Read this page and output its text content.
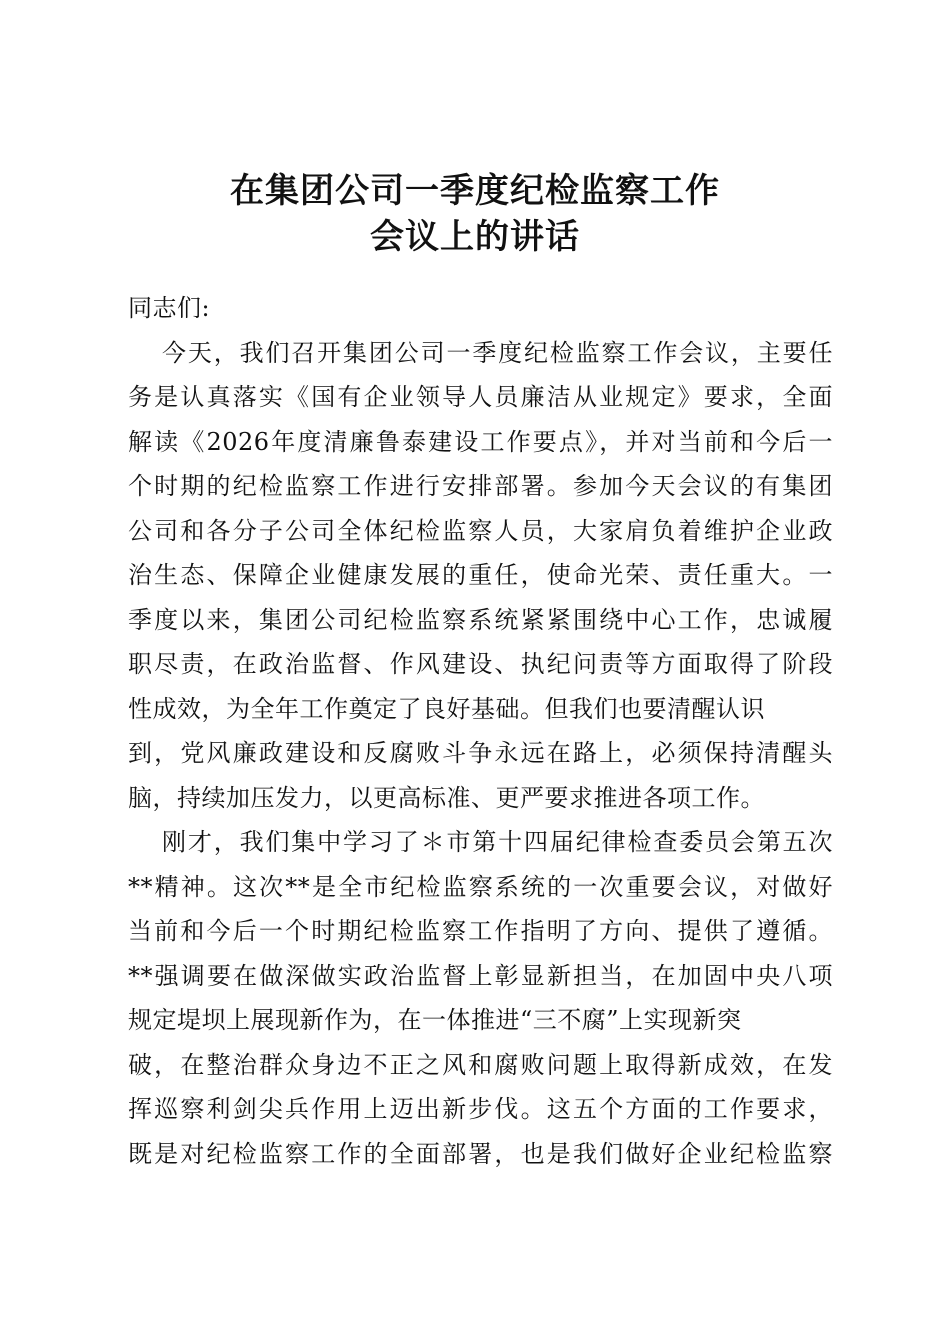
在集团公司一季度纪检监察工作
会议上的讲话
同志们:
今天，我们召开集团公司一季度纪检监察工作会议，主要任
务是认真落实《国有企业领导人员廉洁从业规定》要求，全面
解读《2026年度清廉鲁泰建设工作要点》，并对当前和今后一
个时期的纪检监察工作进行安排部署。参加今天会议的有集团
公司和各分子公司全体纪检监察人员，大家肩负着维护企业政
治生态、保障企业健康发展的重任，使命光荣、责任重大。一
季度以来，集团公司纪检监察系统紧紧围绕中心工作，忠诚履
职尽责，在政治监督、作风建设、执纪问责等方面取得了阶段
性成效，为全年工作奠定了良好基础。但我们也要清醒认识
到，党风廉政建设和反腐败斗争永远在路上，必须保持清醒头
脑，持续加压发力，以更高标准、更严要求推进各项工作。
刚才，我们集中学习了＊市第十四届纪律检查委员会第五次
**精神。这次**是全市纪检监察系统的一次重要会议，对做好
当前和今后一个时期纪检监察工作指明了方向、提供了遵循。
**强调要在做深做实政治监督上彰显新担当，在加固中央八项
规定堤坝上展现新作为，在一体推进“三不腐”上实现新突
破，在整治群众身边不正之风和腐败问题上取得新成效，在发
挥巡察利剑尖兵作用上迈出新步伐。这五个方面的工作要求，
既是对纪检监察工作的全面部署，也是我们做好企业纪检监察
